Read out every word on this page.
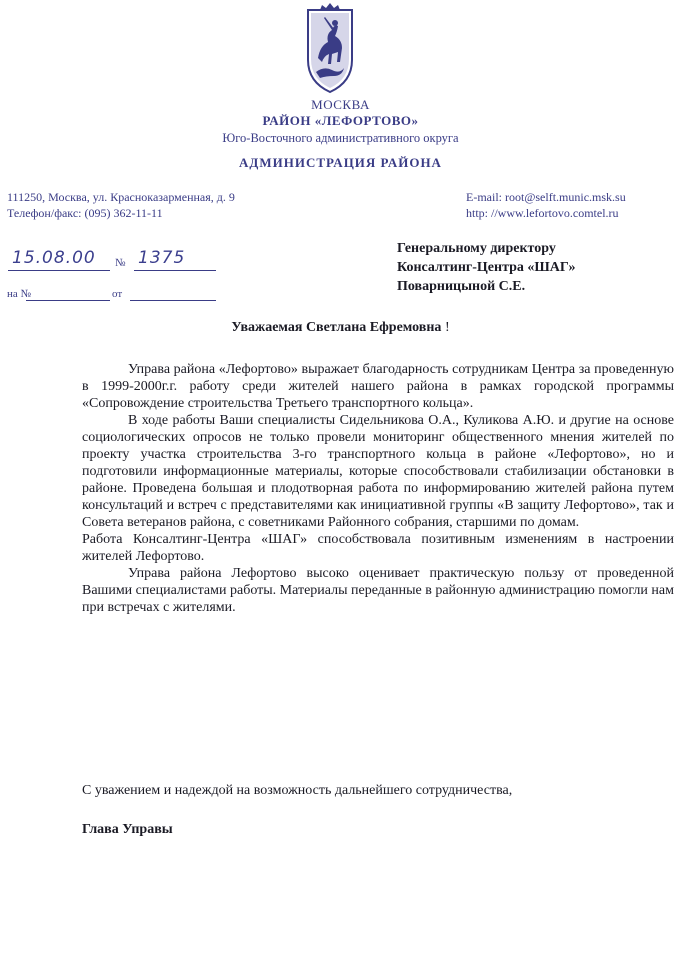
МОСКВА
РАЙОН «ЛЕФОРТОВО»
Юго-Восточного административного округа
АДМИНИСТРАЦИЯ РАЙОНА
111250, Москва, ул. Красноказарменная, д. 9
Телефон/факс: (095) 362-11-11
E-mail: root@selft.munic.msk.su
http: //www.lefortovo.comtel.ru
15.08.00 № 1375
на №	от
Генеральному директору
Консалтинг-Центра «ШАГ»
Поварницыной С.Е.
Уважаемая Светлана Ефремовна !

Управа района «Лефортово» выражает благодарность сотрудникам Центра за проведенную в 1999-2000г.г. работу среди жителей нашего района в рамках городской программы «Сопровождение строительства Третьего транспортного кольца».

В ходе работы Ваши специалисты Сидельникова О.А., Куликова А.Ю. и другие на основе социологических опросов не только провели мониторинг общественного мнения жителей по проекту участка строительства 3-го транспортного кольца в районе «Лефортово», но и подготовили информационные материалы, которые способствовали стабилизации обстановки в районе. Проведена большая и плодотворная работа по информированию жителей района путем консультаций и встреч с представителями как инициативной группы «В защиту Лефортово», так и Совета ветеранов района, с советниками Районного собрания, старшими по домам.

Работа Консалтинг-Центра «ШАГ» способствовала позитивным изменениям в настроении жителей Лефортово.

Управа района Лефортово высоко оценивает практическую пользу от проведенной Вашими специалистами работы. Материалы переданные в районную администрацию помогли нам при встречах с жителями.

С уважением и надеждой на возможность дальнейшего сотрудничества,
Глава Управы
